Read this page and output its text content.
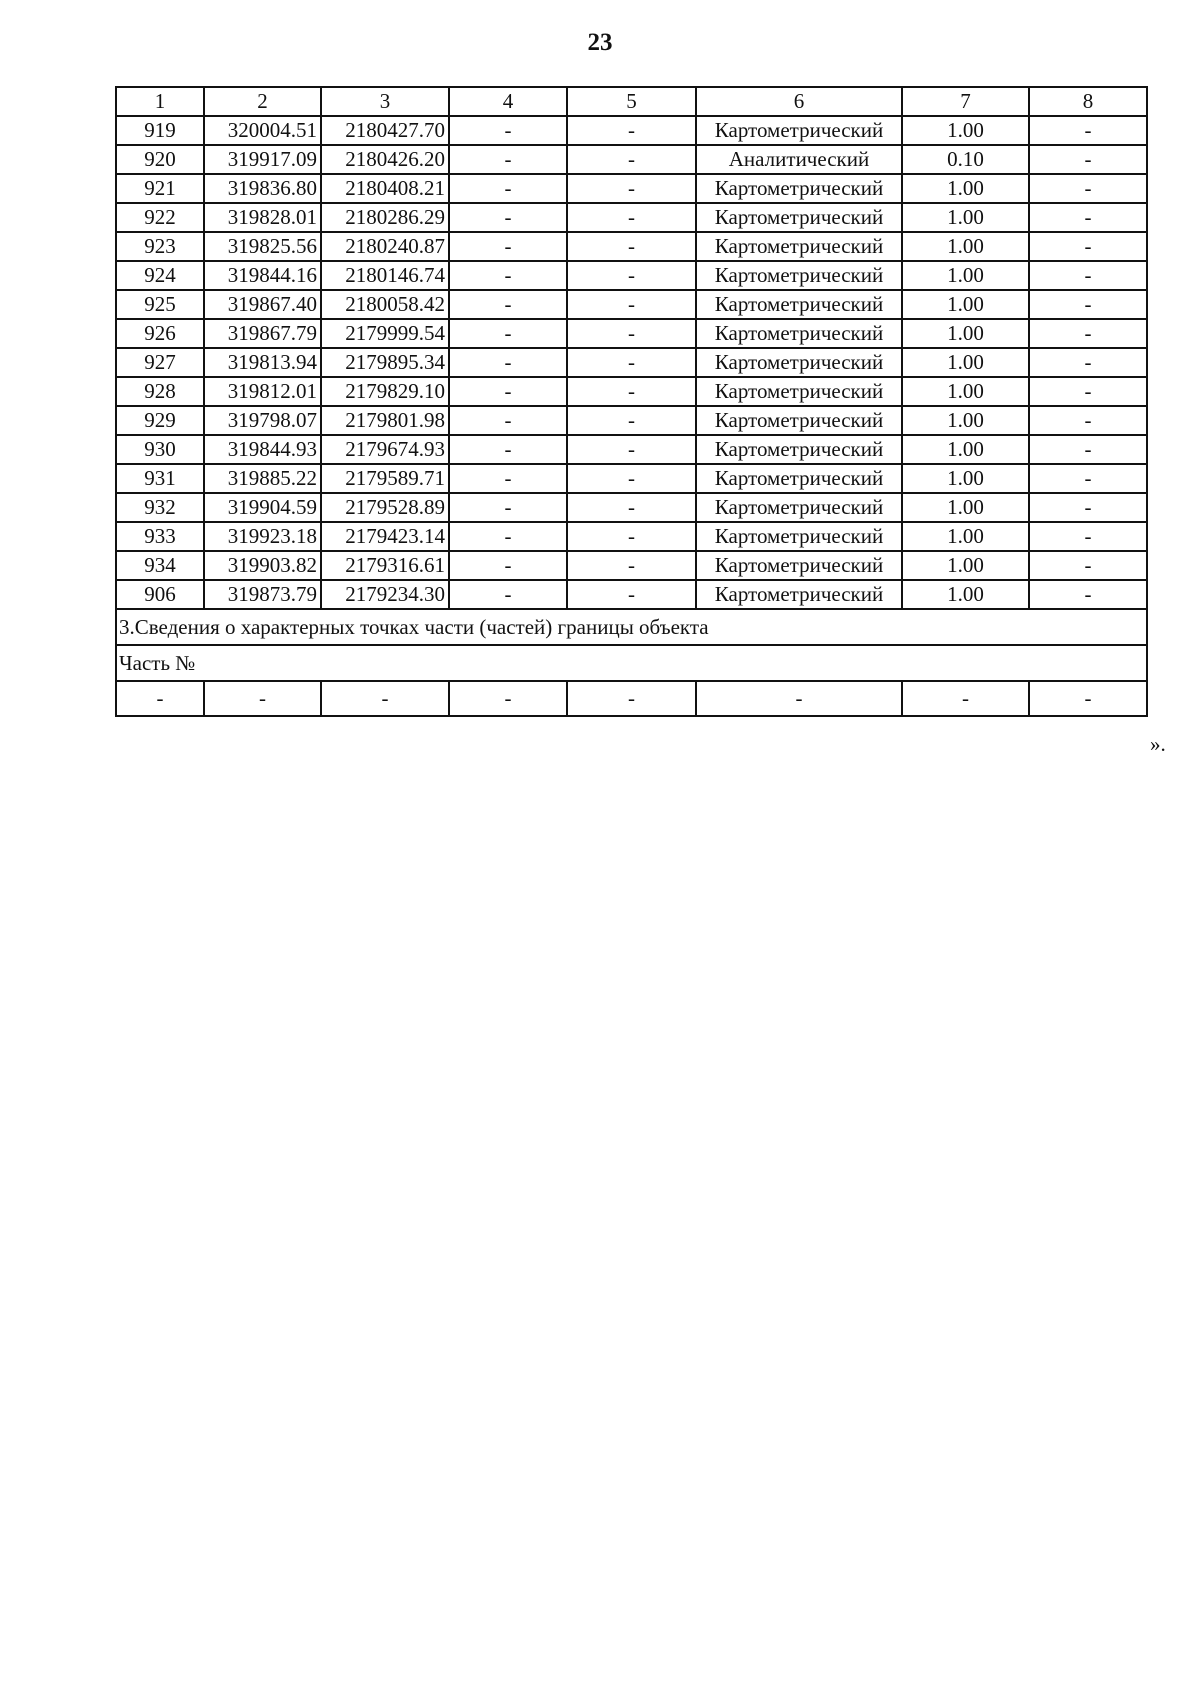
23
1	2	3	4	5	6	7	8
919	320004.51	2180427.70	-	-	Картометрический	1.00	-
920	319917.09	2180426.20	-	-	Аналитический	0.10	-
921	319836.80	2180408.21	-	-	Картометрический	1.00	-
922	319828.01	2180286.29	-	-	Картометрический	1.00	-
923	319825.56	2180240.87	-	-	Картометрический	1.00	-
924	319844.16	2180146.74	-	-	Картометрический	1.00	-
925	319867.40	2180058.42	-	-	Картометрический	1.00	-
926	319867.79	2179999.54	-	-	Картометрический	1.00	-
927	319813.94	2179895.34	-	-	Картометрический	1.00	-
928	319812.01	2179829.10	-	-	Картометрический	1.00	-
929	319798.07	2179801.98	-	-	Картометрический	1.00	-
930	319844.93	2179674.93	-	-	Картометрический	1.00	-
931	319885.22	2179589.71	-	-	Картометрический	1.00	-
932	319904.59	2179528.89	-	-	Картометрический	1.00	-
933	319923.18	2179423.14	-	-	Картометрический	1.00	-
934	319903.82	2179316.61	-	-	Картометрический	1.00	-
906	319873.79	2179234.30	-	-	Картометрический	1.00	-
3.Сведения о характерных точках части (частей) границы объекта							
Часть №							
-	-	-	-	-	-	-	-
».
